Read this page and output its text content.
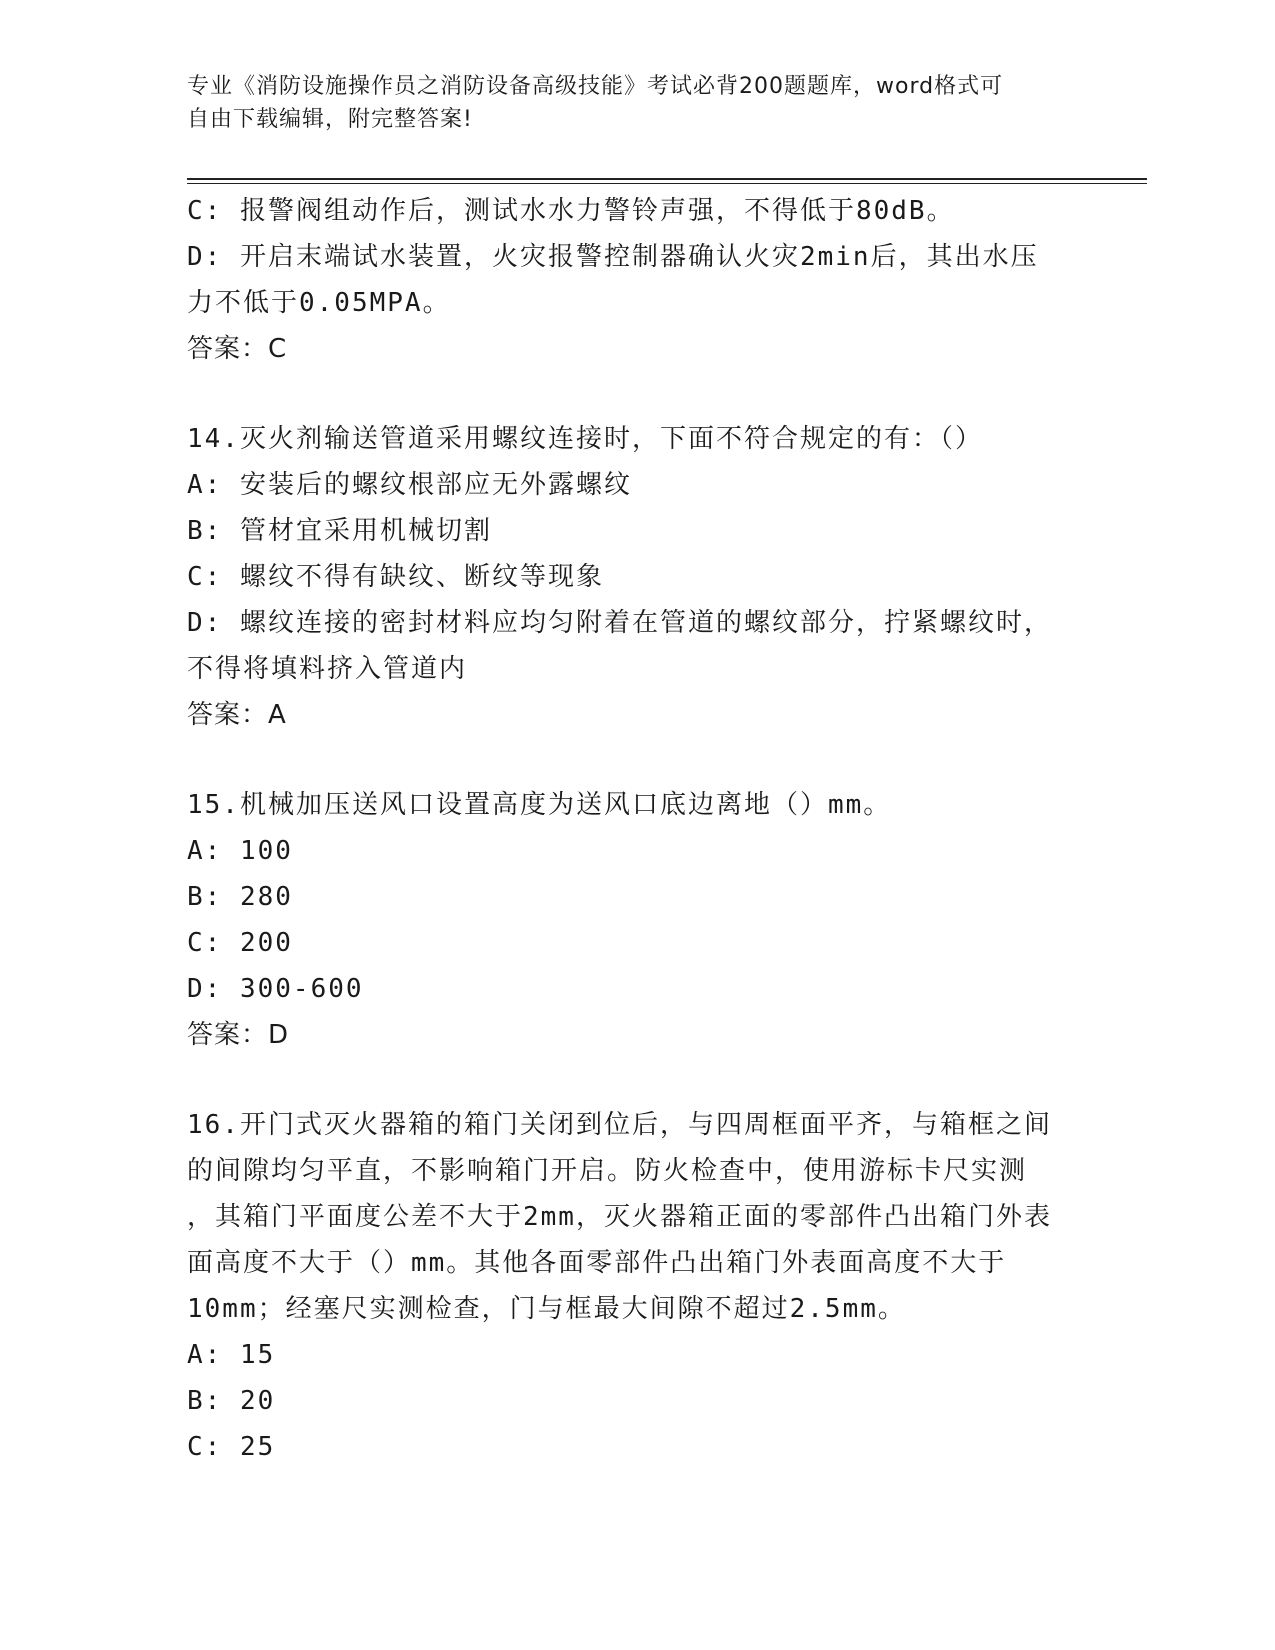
专业《消防设施操作员之消防设备高级技能》考试必背200题题库，word格式可
自由下载编辑，附完整答案!
C: 报警阀组动作后，测试水水力警铃声强，不得低于80dB。
D: 开启末端试水装置，火灾报警控制器确认火灾2min后，其出水压
力不低于0.05MPA。
答案：C
14.灭火剂输送管道采用螺纹连接时，下面不符合规定的有：（）
A: 安装后的螺纹根部应无外露螺纹
B: 管材宜采用机械切割
C: 螺纹不得有缺纹、断纹等现象
D: 螺纹连接的密封材料应均匀附着在管道的螺纹部分，拧紧螺纹时，
不得将填料挤入管道内
答案：A
15.机械加压送风口设置高度为送风口底边离地（）mm。
A: 100
B: 280
C: 200
D: 300-600
答案：D
16.开门式灭火器箱的箱门关闭到位后，与四周框面平齐，与箱框之间
的间隙均匀平直，不影响箱门开启。防火检查中，使用游标卡尺实测
，其箱门平面度公差不大于2mm，灭火器箱正面的零部件凸出箱门外表
面高度不大于（）mm。其他各面零部件凸出箱门外表面高度不大于
10mm；经塞尺实测检查，门与框最大间隙不超过2.5mm。
A: 15
B: 20
C: 25
